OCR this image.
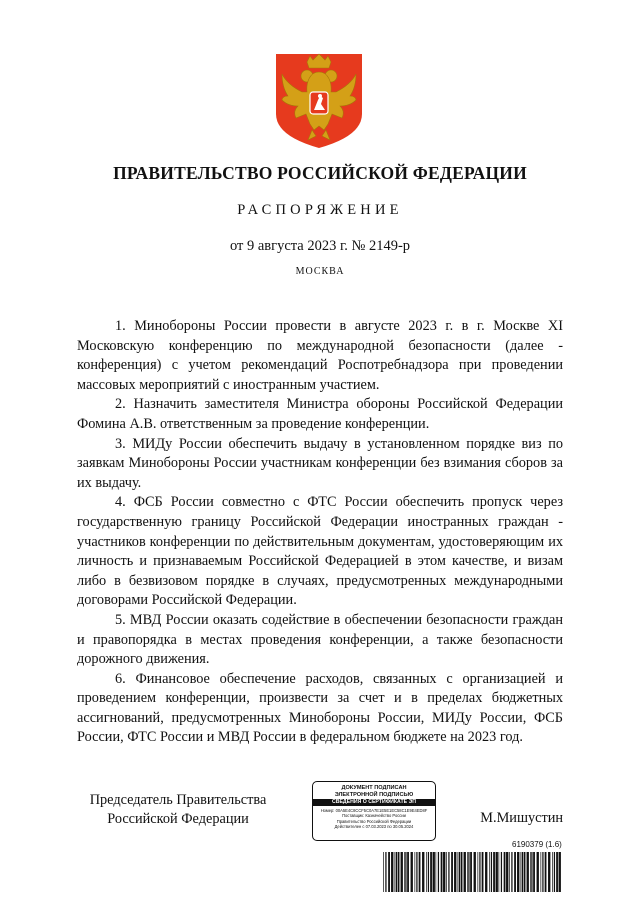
ПРАВИТЕЛЬСТВО РОССИЙСКОЙ ФЕДЕРАЦИИ
РАСПОРЯЖЕНИЕ
от 9 августа 2023 г. № 2149-р
МОСКВА

1. Минобороны России провести в августе 2023 г. в г. Москве XI Московскую конференцию по международной безопасности (далее - конференция) с учетом рекомендаций Роспотребнадзора при проведении массовых мероприятий с иностранным участием.

2. Назначить заместителя Министра обороны Российской Федерации Фомина А.В. ответственным за проведение конференции.

3. МИДу России обеспечить выдачу в установленном порядке виз по заявкам Минобороны России участникам конференции без взимания сборов за их выдачу.

4. ФСБ России совместно с ФТС России обеспечить пропуск через государственную границу Российской Федерации иностранных граждан - участников конференции по действительным документам, удостоверяющим их личность и признаваемым Российской Федерацией в этом качестве, и визам либо в безвизовом порядке в случаях, предусмотренных международными договорами Российской Федерации.

5. МВД России оказать содействие в обеспечении безопасности граждан и правопорядка в местах проведения конференции, а также безопасности дорожного движения.

6. Финансовое обеспечение расходов, связанных с организацией и проведением конференции, произвести за счет и в пределах бюджетных ассигнований, предусмотренных Минобороны России, МИДу России, ФСБ России, ФТС России и МВД России в федеральном бюджете на 2023 год.

Председатель Правительства
Российской Федерации
ДОКУМЕНТ ПОДПИСАН
ЭЛЕКТРОННОЙ ПОДПИСЬЮ
СВЕДЕНИЯ О СЕРТИФИКАТЕ ЭП
Номер: 00A5E4C8CCF5C0A7E1E5E1EC58C1E9E4ED8F
Поставщик: Казначейство России
Правительство Российской Федерации
Действителен с 07.03.2023 по 30.05.2024
М.Мишустин
6190379 (1.6)
